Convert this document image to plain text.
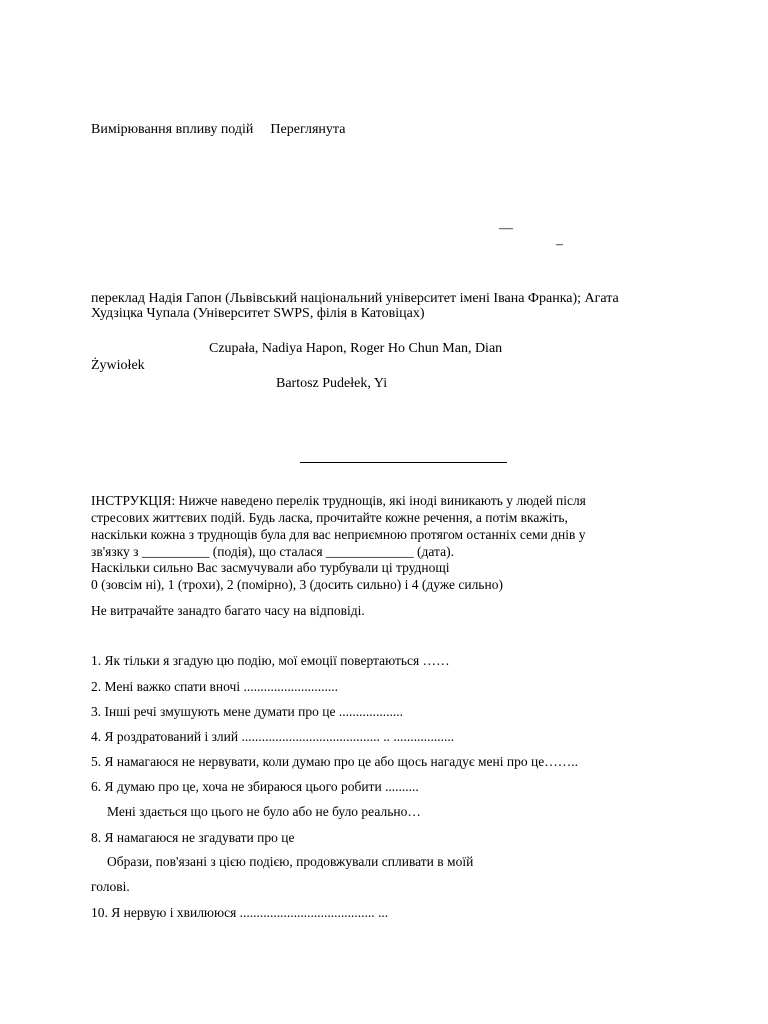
Вимірювання впливу подій Переглянута
—
–
переклад Надія Гапон (Львівський національний університет імені Івана Франка); Агата
Худзіцка Чупала (Університет SWPS, філія в Катовіцах)
Czupała, Nadiya Hapon, Roger Ho Chun Man, Dian
Żywiołek
Bartosz Pudełek, Yi
ІНСТРУКЦІЯ: Нижче наведено перелік труднощів, які іноді виникають у людей після
стресових життєвих подій. Будь ласка, прочитайте кожне речення, а потім вкажіть,
наскільки кожна з труднощів була для вас неприємною протягом останніх семи днів у
зв'язку з __________ (подія), що сталася _____________ (дата).
Наскільки сильно Вас засмучували або турбували ці труднощі
0 (зовсім ні), 1 (трохи), 2 (помірно), 3 (досить сильно) і 4 (дуже сильно)
Не витрачайте занадто багато часу на відповіді.
1. Як тільки я згадую цю подію, мої емоції повертаються ……
2. Мені важко спати вночі ............................
3. Інші речі змушують мене думати про це ...................
4. Я роздратований і злий ......................................... .. ..................
5. Я намагаюся не нервувати, коли думаю про це або щось нагадує мені про це……..
6. Я думаю про це, хоча не збираюся цього робити ..........
Мені здається що цього не було або не було реально…
8. Я намагаюся не згадувати про це
Образи, пов'язані з цією подією, продовжували спливати в моїй
голові.
10. Я нервую і хвилююся ........................................ ...
